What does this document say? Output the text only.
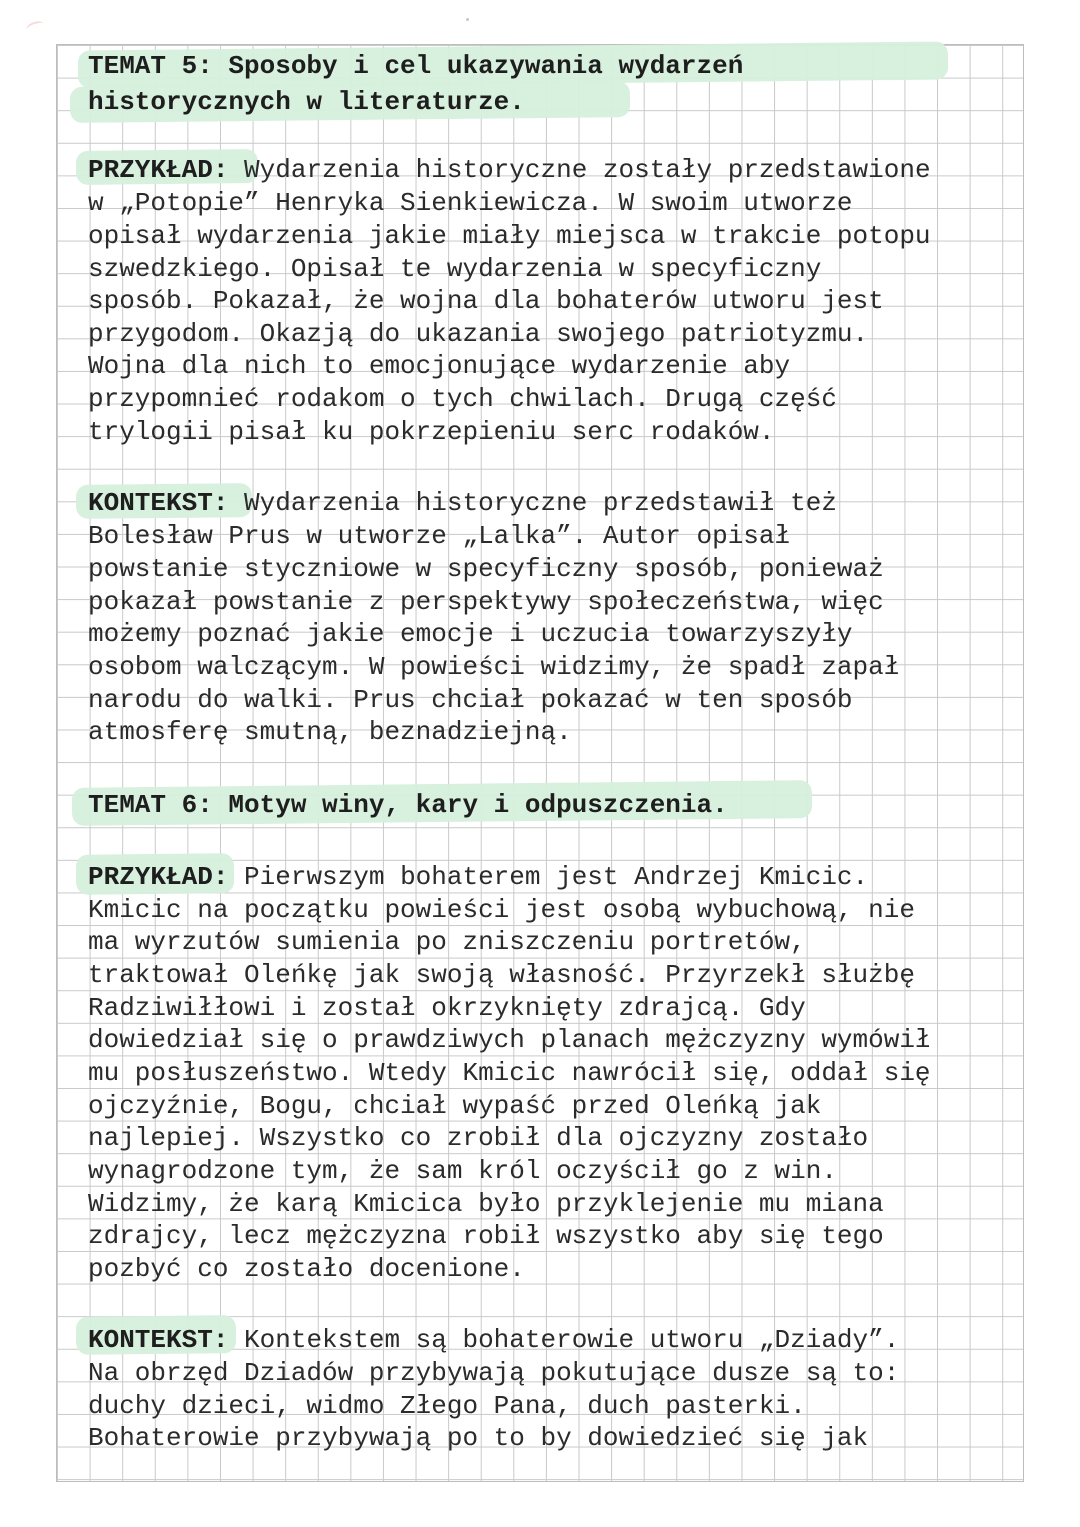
TEMAT 5: Sposoby i cel ukazywania wydarzeń
historycznych w literaturze.
PRZYKŁAD: Wydarzenia historyczne zostały przedstawione
w „Potopie” Henryka Sienkiewicza. W swoim utworze
opisał wydarzenia jakie miały miejsca w trakcie potopu
szwedzkiego. Opisał te wydarzenia w specyficzny
sposób. Pokazał, że wojna dla bohaterów utworu jest
przygodom. Okazją do ukazania swojego patriotyzmu.
Wojna dla nich to emocjonujące wydarzenie aby
przypomnieć rodakom o tych chwilach. Drugą część
trylogii pisał ku pokrzepieniu serc rodaków.
KONTEKST: Wydarzenia historyczne przedstawił też
Bolesław Prus w utworze „Lalka”. Autor opisał
powstanie styczniowe w specyficzny sposób, ponieważ
pokazał powstanie z perspektywy społeczeństwa, więc
możemy poznać jakie emocje i uczucia towarzyszyły
osobom walczącym. W powieści widzimy, że spadł zapał
narodu do walki. Prus chciał pokazać w ten sposób
atmosferę smutną, beznadziejną.
TEMAT 6: Motyw winy, kary i odpuszczenia.
PRZYKŁAD: Pierwszym bohaterem jest Andrzej Kmicic.
Kmicic na początku powieści jest osobą wybuchową, nie
ma wyrzutów sumienia po zniszczeniu portretów,
traktował Oleńkę jak swoją własność. Przyrzekł służbę
Radziwiłłowi i został okrzyknięty zdrajcą. Gdy
dowiedział się o prawdziwych planach mężczyzny wymówił
mu posłuszeństwo. Wtedy Kmicic nawrócił się, oddał się
ojczyźnie, Bogu, chciał wypaść przed Oleńką jak
najlepiej. Wszystko co zrobił dla ojczyzny zostało
wynagrodzone tym, że sam król oczyścił go z win.
Widzimy, że karą Kmicica było przyklejenie mu miana
zdrajcy, lecz mężczyzna robił wszystko aby się tego
pozbyć co zostało docenione.
KONTEKST: Kontekstem są bohaterowie utworu „Dziady”.
Na obrzęd Dziadów przybywają pokutujące dusze są to:
duchy dzieci, widmo Złego Pana, duch pasterki.
Bohaterowie przybywają po to by dowiedzieć się jak
